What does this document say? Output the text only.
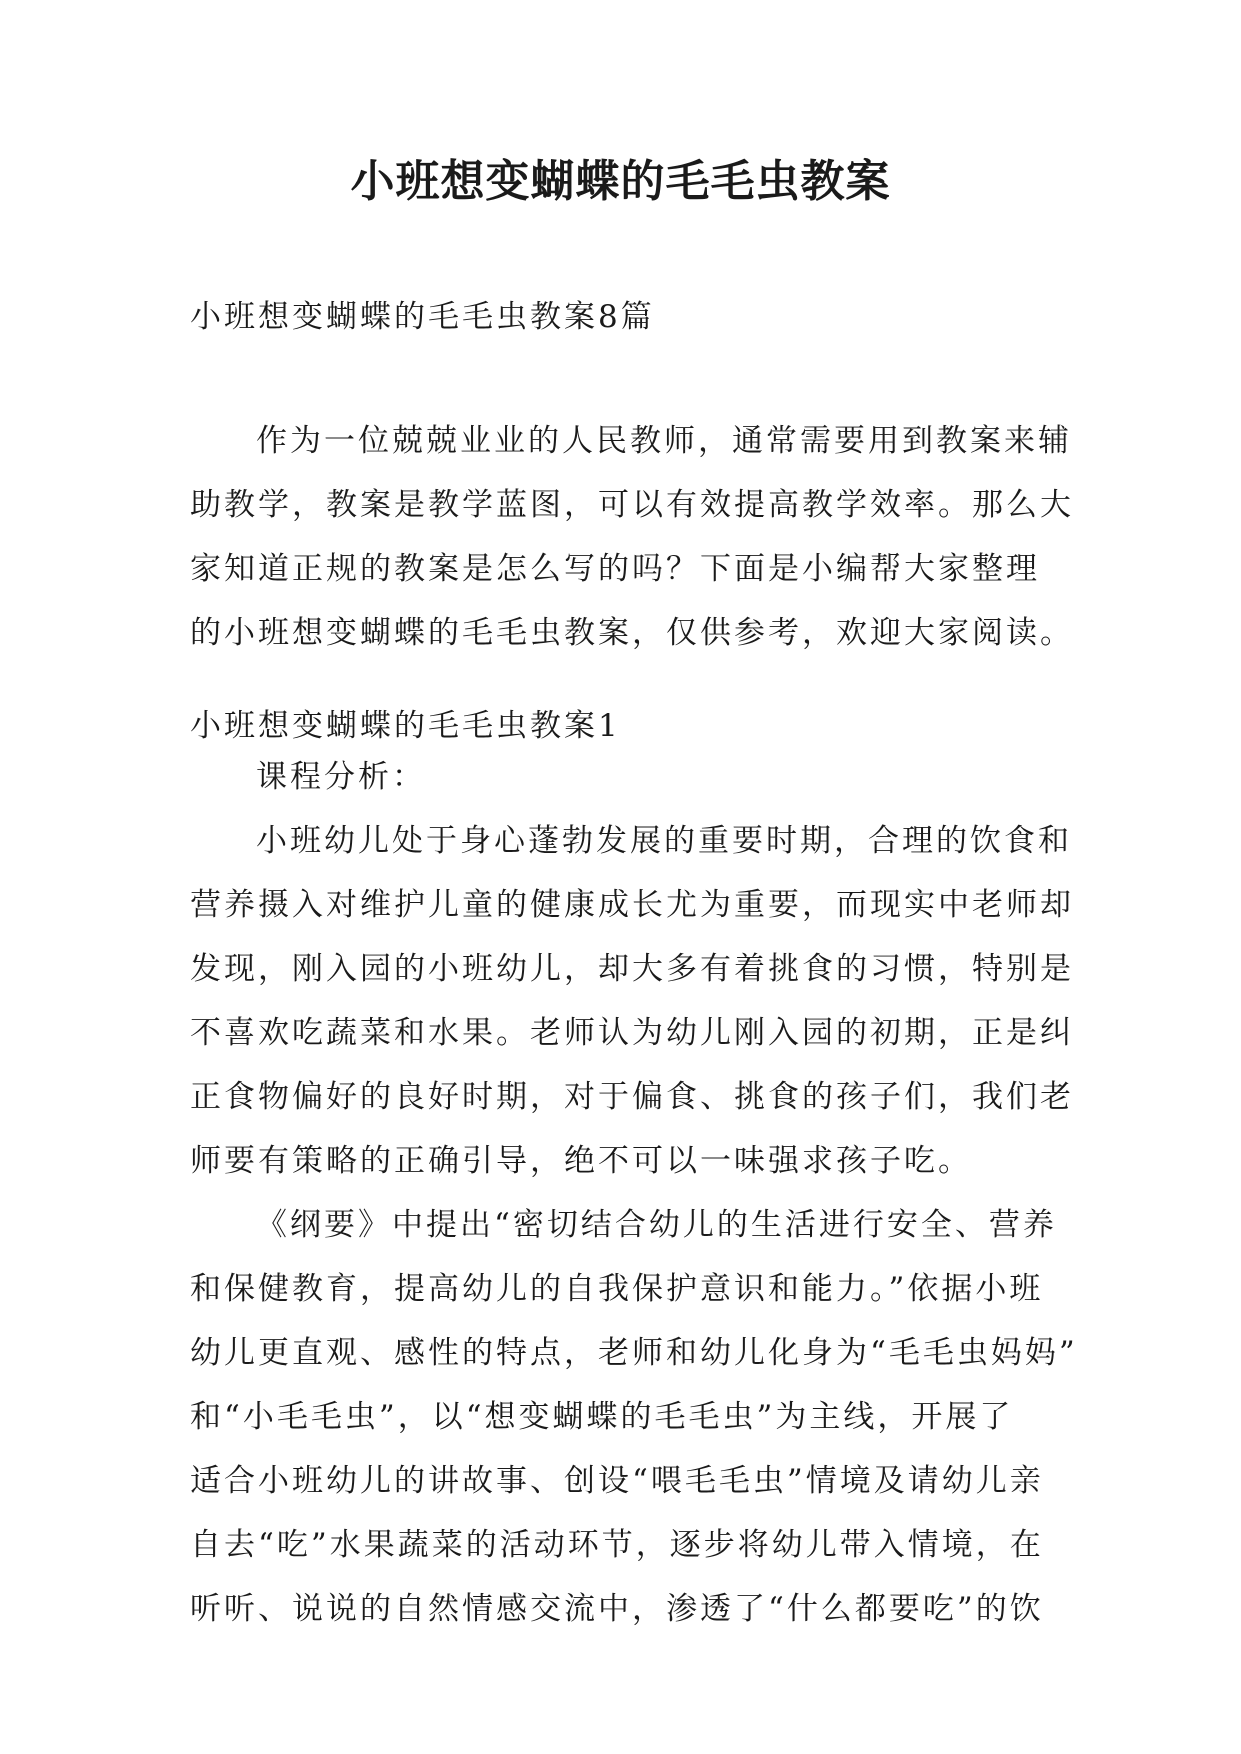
小班想变蝴蝶的毛毛虫教案

小班想变蝴蝶的毛毛虫教案8篇

作为一位兢兢业业的人民教师，通常需要用到教案来辅
助教学，教案是教学蓝图，可以有效提高教学效率。那么大
家知道正规的教案是怎么写的吗？下面是小编帮大家整理
的小班想变蝴蝶的毛毛虫教案，仅供参考，欢迎大家阅读。

小班想变蝴蝶的毛毛虫教案1

课程分析：
小班幼儿处于身心蓬勃发展的重要时期，合理的饮食和
营养摄入对维护儿童的健康成长尤为重要，而现实中老师却
发现，刚入园的小班幼儿，却大多有着挑食的习惯，特别是
不喜欢吃蔬菜和水果。老师认为幼儿刚入园的初期，正是纠
正食物偏好的良好时期，对于偏食、挑食的孩子们，我们老
师要有策略的正确引导，绝不可以一味强求孩子吃。
《纲要》中提出“密切结合幼儿的生活进行安全、营养
和保健教育，提高幼儿的自我保护意识和能力。”依据小班
幼儿更直观、感性的特点，老师和幼儿化身为“毛毛虫妈妈”
和“小毛毛虫”，以“想变蝴蝶的毛毛虫”为主线，开展了
适合小班幼儿的讲故事、创设“喂毛毛虫”情境及请幼儿亲
自去“吃”水果蔬菜的活动环节，逐步将幼儿带入情境，在
听听、说说的自然情感交流中，渗透了“什么都要吃”的饮
